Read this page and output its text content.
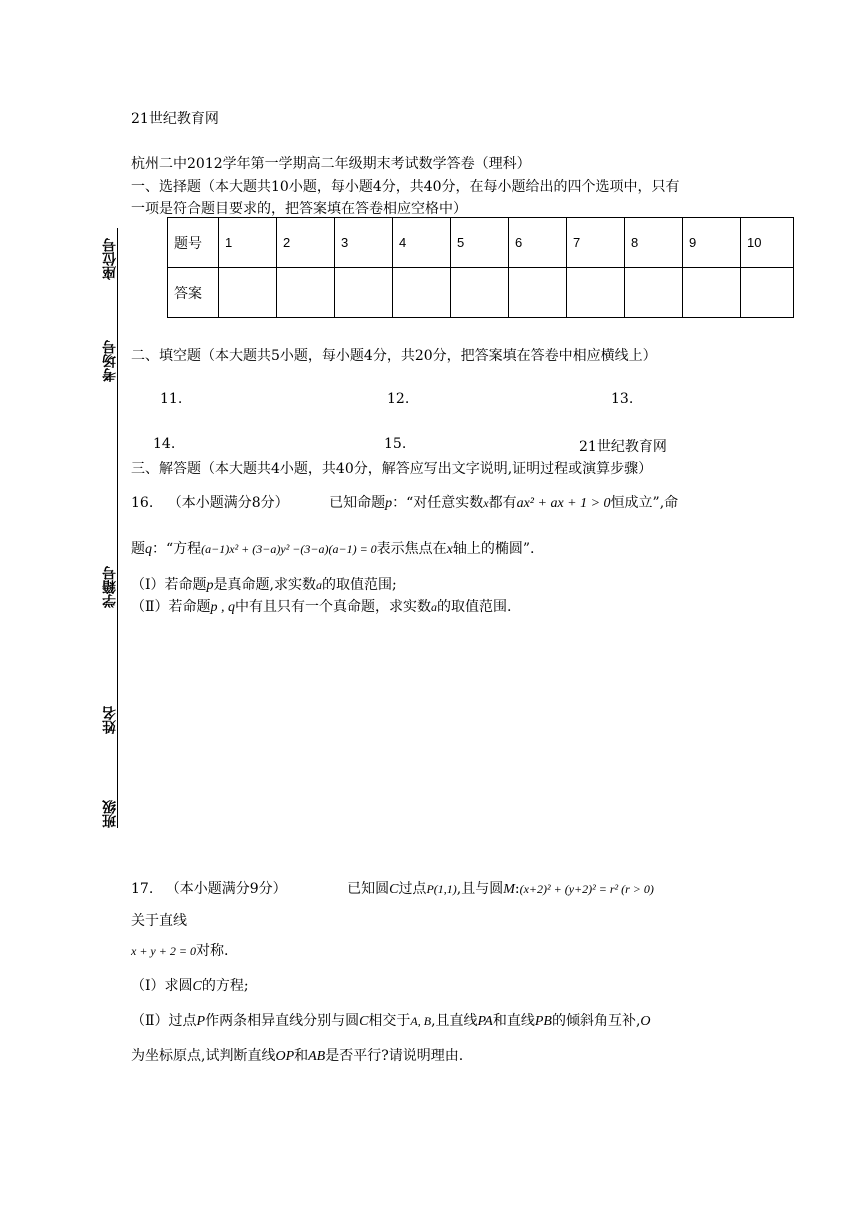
座位号
考场号
学籍号
姓名
班级
21世纪教育网
杭州二中2012学年第一学期高二年级期末考试数学答卷（理科）
一、选择题（本大题共10小题，每小题4分，共40分，在每小题给出的四个选项中，只有
一项是符合题目要求的，把答案填在答卷相应空格中）
题号	1	2	3	4	5	6	7	8	9	10
答案										
二、填空题（本大题共5小题，每小题4分，共20分，把答案填在答卷中相应横线上）
11.	12.	13.
14.	15.	21世纪教育网
三、解答题（本大题共4小题，共40分，解答应写出文字说明,证明过程或演算步骤）
16. （本小题满分8分）	已知命题p：“对任意实数x都有ax² + ax + 1 > 0恒成立”,命
题q：“方程(a−1)x² + (3−a)y² −(3−a)(a−1) = 0表示焦点在x轴上的椭圆”.
（Ⅰ）若命题p是真命题,求实数a的取值范围;
（Ⅱ）若命题p , q中有且只有一个真命题，求实数a的取值范围.
17. （本小题满分9分）	已知圆C过点P(1,1),且与圆M:(x+2)² + (y+2)² = r² (r > 0)
关于直线
x + y + 2 = 0对称.
（Ⅰ）求圆C的方程;
（Ⅱ）过点P作两条相异直线分别与圆C相交于A, B,且直线PA和直线PB的倾斜角互补,O
为坐标原点,试判断直线OP和AB是否平行?请说明理由.
